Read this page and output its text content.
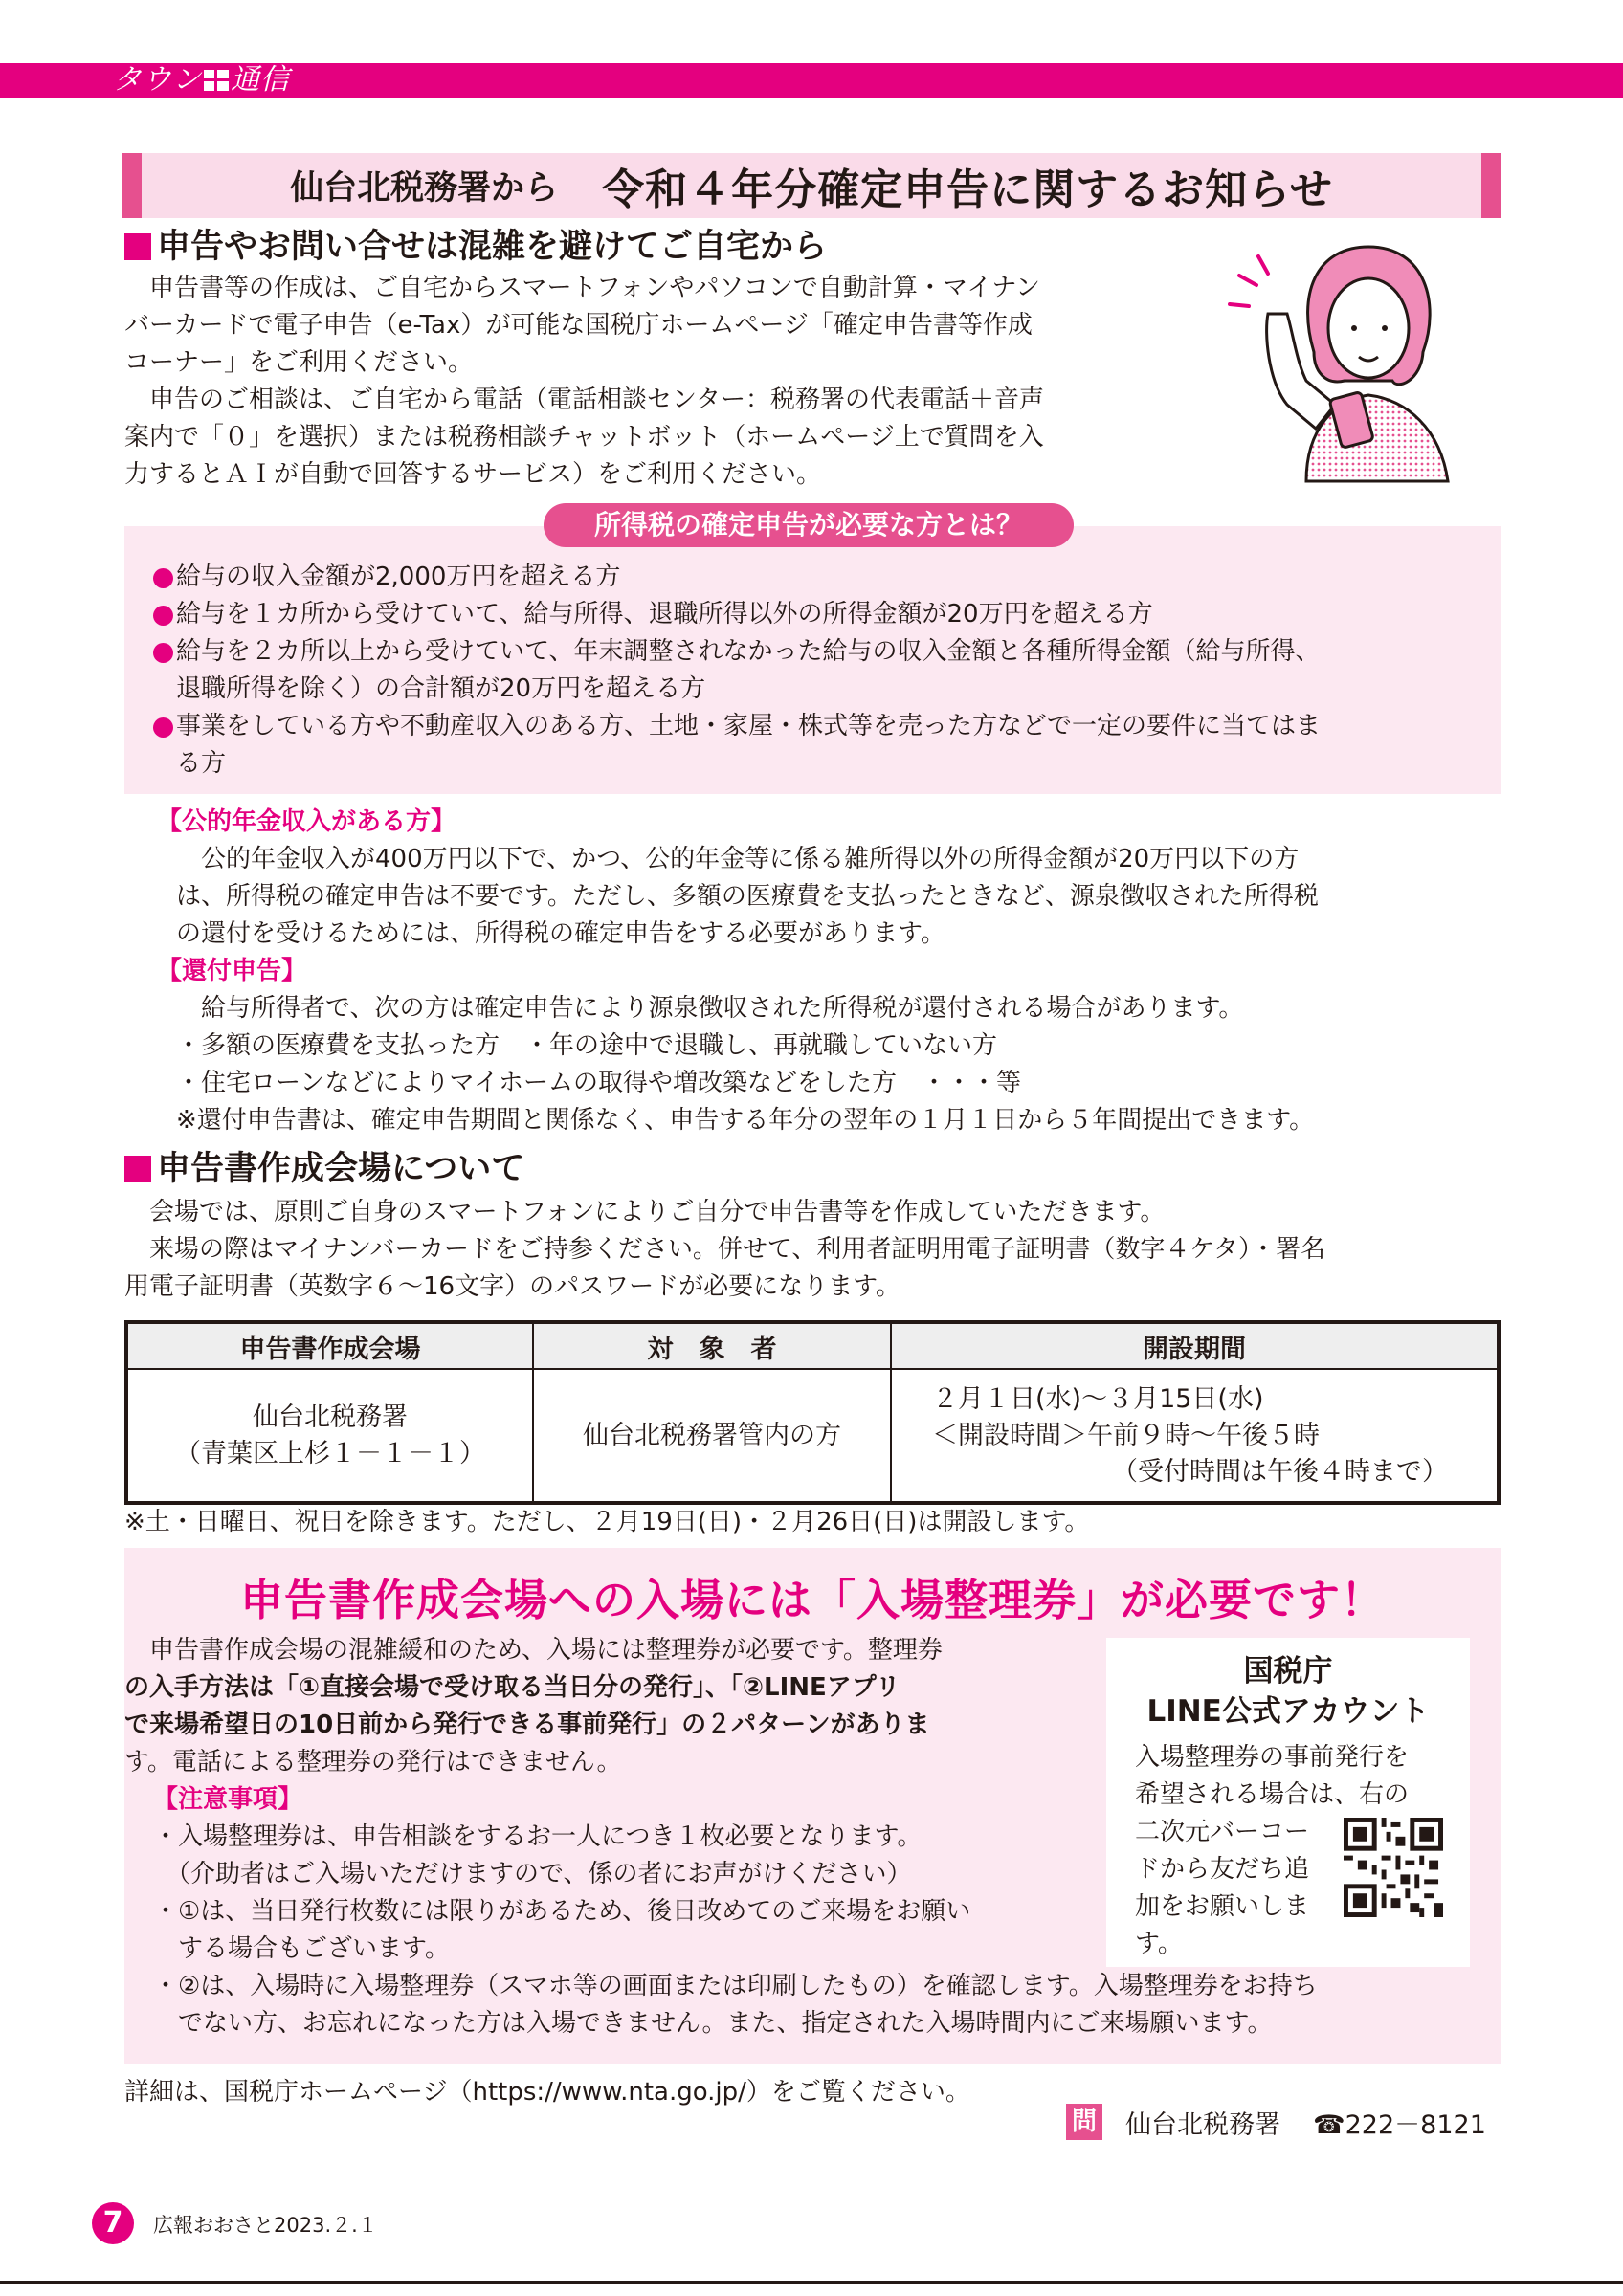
タウン 通信
仙台北税務署から 令和４年分確定申告に関するお知らせ
申告やお問い合せは混雑を避けてご自宅から
　申告書等の作成は、ご自宅からスマートフォンやパソコンで自動計算・マイナン
バーカードで電子申告（e-Tax）が可能な国税庁ホームページ「確定申告書等作成
コーナー」をご利用ください。
　申告のご相談は、ご自宅から電話（電話相談センター：税務署の代表電話＋音声
案内で「０」を選択）または税務相談チャットボット（ホームページ上で質問を入
力するとＡＩが自動で回答するサービス）をご利用ください。
所得税の確定申告が必要な方とは？
給与の収入金額が2,000万円を超える方
給与を１カ所から受けていて、給与所得、退職所得以外の所得金額が20万円を超える方
給与を２カ所以上から受けていて、年末調整されなかった給与の収入金額と各種所得金額（給与所得、
退職所得を除く）の合計額が20万円を超える方
事業をしている方や不動産収入のある方、土地・家屋・株式等を売った方などで一定の要件に当てはま
る方
【公的年金収入がある方】
　公的年金収入が400万円以下で、かつ、公的年金等に係る雑所得以外の所得金額が20万円以下の方
は、所得税の確定申告は不要です。ただし、多額の医療費を支払ったときなど、源泉徴収された所得税
の還付を受けるためには、所得税の確定申告をする必要があります。
【還付申告】
　給与所得者で、次の方は確定申告により源泉徴収された所得税が還付される場合があります。
・多額の医療費を支払った方　・年の途中で退職し、再就職していない方
・住宅ローンなどによりマイホームの取得や増改築などをした方　・・・等
※還付申告書は、確定申告期間と関係なく、申告する年分の翌年の１月１日から５年間提出できます。
申告書作成会場について
　会場では、原則ご自身のスマートフォンによりご自分で申告書等を作成していただきます。
　来場の際はマイナンバーカードをご持参ください。併せて、利用者証明用電子証明書（数字４ケタ）・署名
用電子証明書（英数字６～16文字）のパスワードが必要になります。
申告書作成会場	対　象　者	開設期間
仙台北税務署
（青葉区上杉１－１－１）	仙台北税務署管内の方	２月１日(水)～３月15日(水)
＜開設時間＞午前９時～午後５時
（受付時間は午後４時まで）
※土・日曜日、祝日を除きます。ただし、２月19日(日)・２月26日(日)は開設します。
申告書作成会場への入場には「入場整理券」が必要です！
　申告書作成会場の混雑緩和のため、入場には整理券が必要です。整理券
の入手方法は「①直接会場で受け取る当日分の発行」、「②LINEアプリ
で来場希望日の10日前から発行できる事前発行」の２パターンがありま
す。電話による整理券の発行はできません。
【注意事項】
・入場整理券は、申告相談をするお一人につき１枚必要となります。
　（介助者はご入場いただけますので、係の者にお声がけください）
・①は、当日発行枚数には限りがあるため、後日改めてのご来場をお願い
　する場合もございます。
・②は、入場時に入場整理券（スマホ等の画面または印刷したもの）を確認します。入場整理券をお持ち
　でない方、お忘れになった方は入場できません。また、指定された入場時間内にご来場願います。
国税庁
LINE公式アカウント
入場整理券の事前発行を
希望される場合は、右の
二次元バーコー
ドから友だち追
加をお願いしま
す。
詳細は、国税庁ホームページ（https://www.nta.go.jp/）をご覧ください。
問 仙台北税務署 ☎222－8121
7	広報おおさと2023.２.１
